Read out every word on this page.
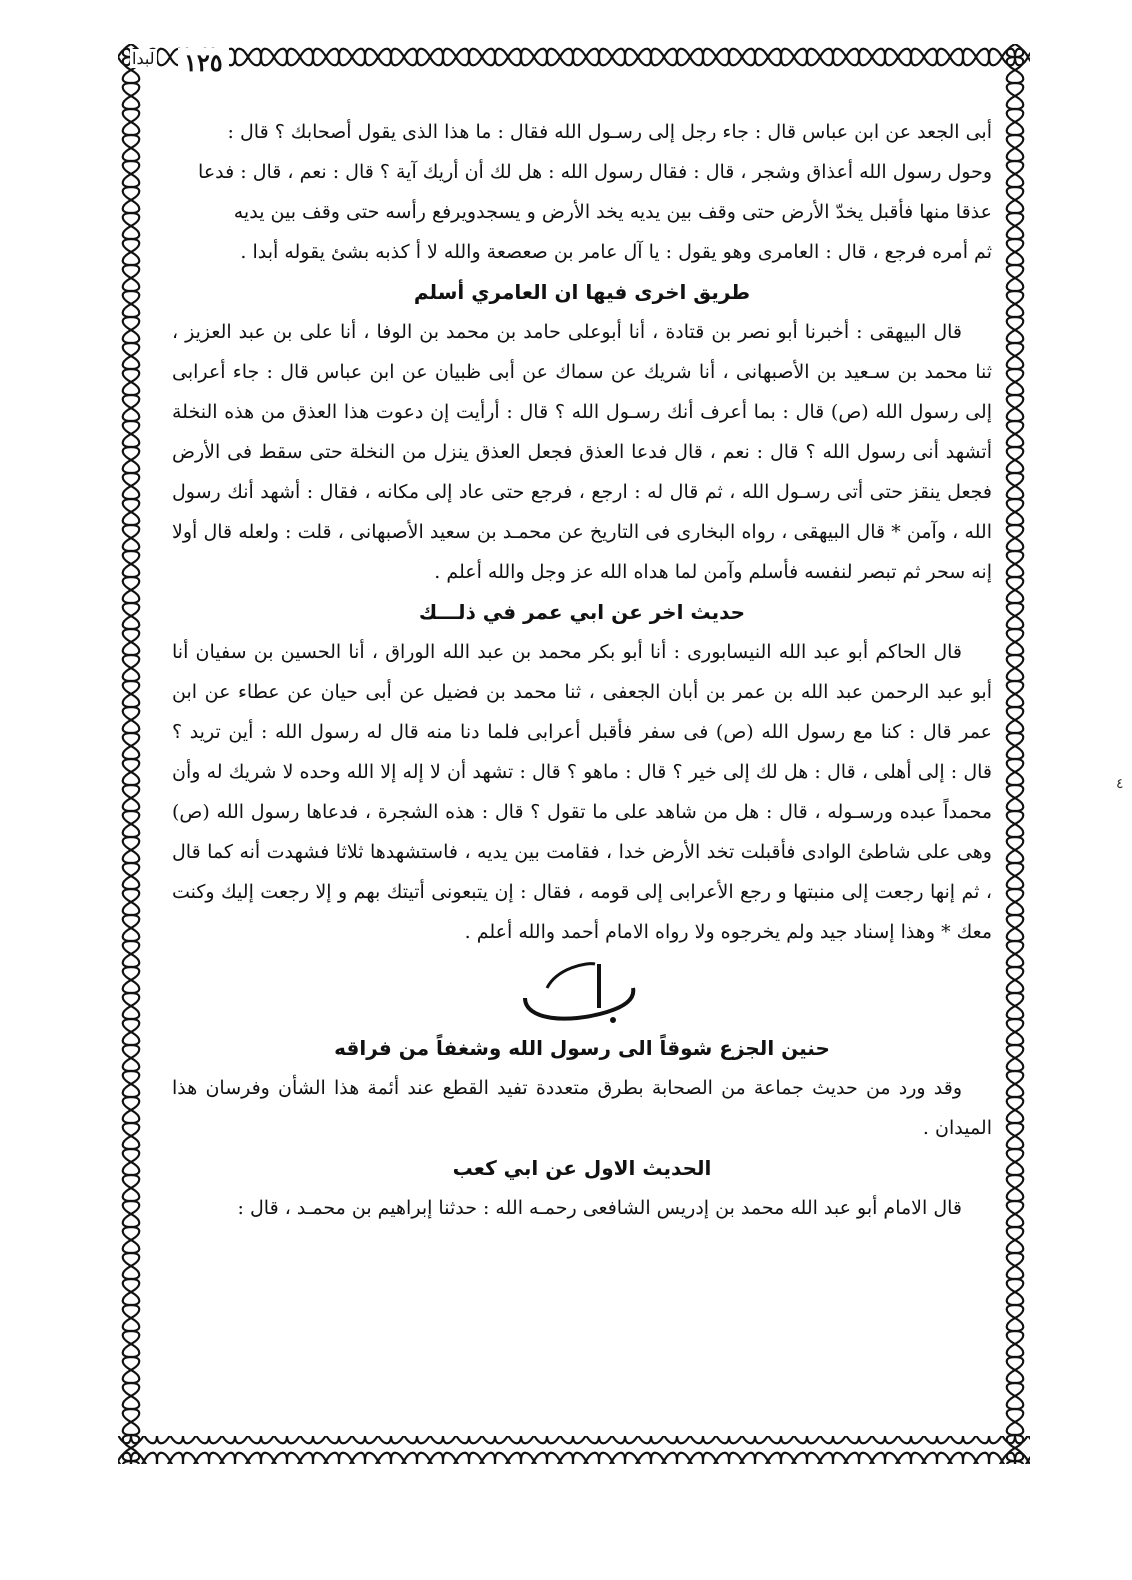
ﻟﺒﺪﺍ ١٢٥

أبى الجعد عن ابن عباس قال : جاء رجل إلى رسـول الله فقال : ما هذا الذى يقول أصحابك ؟ قال :

وحول رسول الله أعذاق وشجر ، قال : فقال رسول الله : هل لك أن أريك آية ؟ قال : نعم ، قال : فدعا

عذقا منها فأقبل يخدّ الأرض حتى وقف بين يديه يخد الأرض و يسجدويرفع رأسه حتى وقف بين يديه

ثم أمره فرجع ، قال : العامرى وهو يقول : يا آل عامر بن صعصعة والله لا أ كذبه بشئ يقوله أبدا .

طريق اخرى فيها ان العامري أسلم

قال البيهقى : أخبرنا أبو نصر بن قتادة ، أنا أبوعلى حامد بن محمد بن الوفا ، أنا على بن عبد العزيز ، ثنا محمد بن سـعيد بن الأصبهانى ، أنا شريك عن سماك عن أبى ظبيان عن ابن عباس قال : جاء أعرابى إلى رسول الله (ص) قال : بما أعرف أنك رسـول الله ؟ قال : أرأيت إن دعوت هذا العذق من هذه النخلة أتشهد أنى رسول الله ؟ قال : نعم ، قال فدعا العذق فجعل العذق ينزل من النخلة حتى سقط فى الأرض فجعل ينقز حتى أتى رسـول الله ، ثم قال له : ارجع ، فرجع حتى عاد إلى مكانه ، فقال : أشهد أنك رسول الله ، وآمن * قال البيهقى ، رواه البخارى فى التاريخ عن محمـد بن سعيد الأصبهانى ، قلت : ولعله قال أولا إنه سحر ثم تبصر لنفسه فأسلم وآمن لما هداه الله عز وجل والله أعلم .

حديث اخر عن ابي عمر في ذلـــك

قال الحاكم أبو عبد الله النيسابورى : أنا أبو بكر محمد بن عبد الله الوراق ، أنا الحسين بن سفيان أنا أبو عبد الرحمن عبد الله بن عمر بن أبان الجعفى ، ثنا محمد بن فضيل عن أبى حيان عن عطاء عن ابن عمر قال : كنا مع رسول الله (ص) فى سفر فأقبل أعرابى فلما دنا منه قال له رسول الله : أين تريد ؟ قال : إلى أهلى ، قال : هل لك إلى خير ؟ قال : ماهو ؟ قال : تشهد أن لا إله إلا الله وحده لا شريك له وأن محمداً عبده ورسـوله ، قال : هل من شاهد على ما تقول ؟ قال : هذه الشجرة ، فدعاها رسول الله (ص) وهى على شاطئ الوادى فأقبلت تخد الأرض خدا ، فقامت بين يديه ، فاستشهدها ثلاثا فشهدت أنه كما قال ، ثم إنها رجعت إلى منبتها و رجع الأعرابى إلى قومه ، فقال : إن يتبعونى أتيتك بهم و إلا رجعت إليك وكنت معك * وهذا إسناد جيد ولم يخرجوه ولا رواه الامام أحمد والله أعلم .

حنين الجزع شوقاً الى رسول الله وشغفاً من فراقه

وقد ورد من حديث جماعة من الصحابة بطرق متعددة تفيد القطع عند أئمة هذا الشأن وفرسان هذا الميدان .

الحديث الاول عن ابي كعب

قال الامام أبو عبد الله محمد بن إدريس الشافعى رحمـه الله : حدثنا إبراهيم بن محمـد ، قال :

٤
